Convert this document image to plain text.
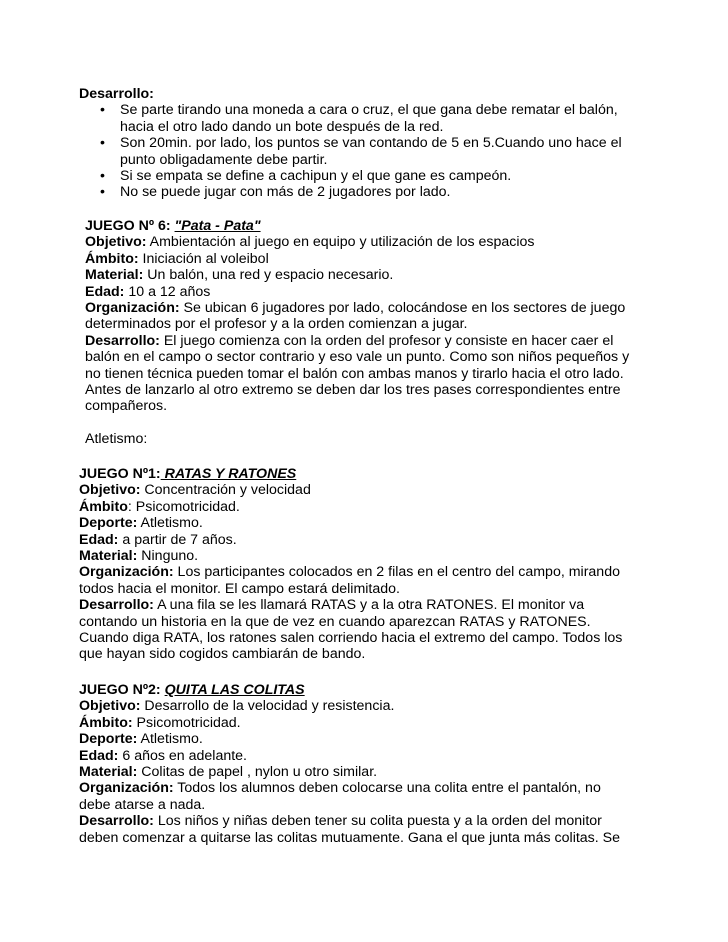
Desarrollo:

• Se parte tirando una moneda a cara o cruz, el que gana debe rematar el balón,
hacia el otro lado dando un bote después de la red.
• Son 20min. por lado, los puntos se van contando de 5 en 5.Cuando uno hace el
punto obligadamente debe partir.
• Si se empata se define a cachipun y el que gane es campeón.
• No se puede jugar con más de 2 jugadores por lado.

JUEGO Nº 6: "Pata - Pata"

Objetivo: Ambientación al juego en equipo y utilización de los espacios

Ámbito: Iniciación al voleibol

Material: Un balón, una red y espacio necesario.

Edad: 10 a 12 años

Organización: Se ubican 6 jugadores por lado, colocándose en los sectores de juego
determinados por el profesor y a la orden comienzan a jugar.

Desarrollo: El juego comienza con la orden del profesor y consiste en hacer caer el
balón en el campo o sector contrario y eso vale un punto. Como son niños pequeños y
no tienen técnica pueden tomar el balón con ambas manos y tirarlo hacia el otro lado.
Antes de lanzarlo al otro extremo se deben dar los tres pases correspondientes entre
compañeros.

Atletismo:

JUEGO Nº1: RATAS Y RATONES

Objetivo: Concentración y velocidad

Ámbito: Psicomotricidad.

Deporte: Atletismo.

Edad: a partir de 7 años.

Material: Ninguno.

Organización: Los participantes colocados en 2 filas en el centro del campo, mirando
todos hacia el monitor. El campo estará delimitado.

Desarrollo: A una fila se les llamará RATAS y a la otra RATONES. El monitor va
contando un historia en la que de vez en cuando aparezcan RATAS y RATONES.
Cuando diga RATA, los ratones salen corriendo hacia el extremo del campo. Todos los
que hayan sido cogidos cambiarán de bando.

JUEGO Nº2: QUITA LAS COLITAS

Objetivo: Desarrollo de la velocidad y resistencia.

Ámbito: Psicomotricidad.

Deporte: Atletismo.

Edad: 6 años en adelante.

Material: Colitas de papel , nylon u otro similar.

Organización: Todos los alumnos deben colocarse una colita entre el pantalón, no
debe atarse a nada.

Desarrollo: Los niños y niñas deben tener su colita puesta y a la orden del monitor
deben comenzar a quitarse las colitas mutuamente. Gana el que junta más colitas. Se
